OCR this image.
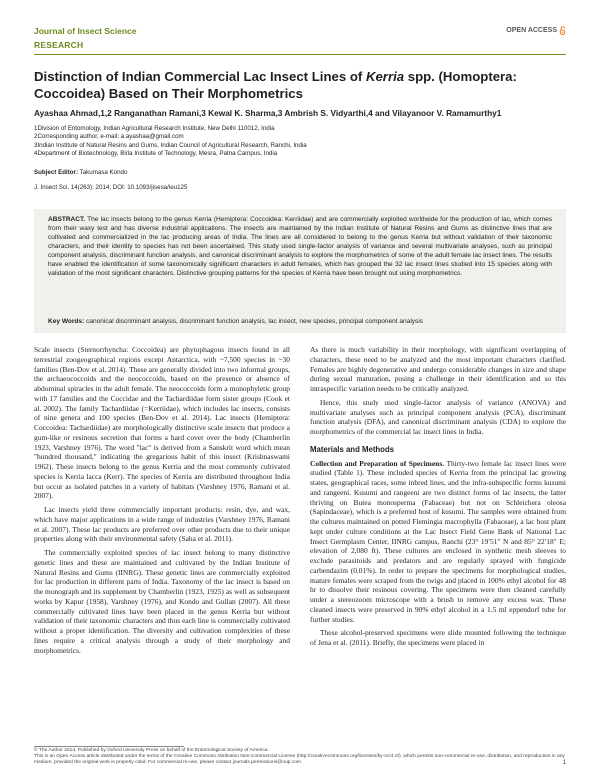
Journal of Insect Science
RESEARCH
OPEN ACCESS
Distinction of Indian Commercial Lac Insect Lines of Kerria spp. (Homoptera: Coccoidea) Based on Their Morphometrics
Ayashaa Ahmad,1,2 Ranganathan Ramani,3 Kewal K. Sharma,3 Ambrish S. Vidyarthi,4 and Vilayanoor V. Ramamurthy1
1Division of Entomology, Indian Agricultural Research Institute, New Delhi 110012, India
2Corresponding author, e-mail: a.ayashaa@gmail.com
3Indian Institute of Natural Resins and Gums, Indian Council of Agricultural Research, Ranchi, India
4Department of Biotechnology, Birla Institute of Technology, Mesra, Patna Campus, India
Subject Editor: Takumasa Kondo
J. Insect Sci. 14(263): 2014; DOI: 10.1093/jisesa/ieu125
ABSTRACT. The lac insects belong to the genus Kerria (Hemiptera: Coccoidea: Kerriidae) and are commercially exploited worldwide for the production of lac, which comes from their waxy test and has diverse industrial applications. The insects are maintained by the Indian Institute of Natural Resins and Gums as distinctive lines that are cultivated and commercialized in the lac producing areas of India. The lines are all considered to belong to the genus Kerria but without validation of their taxonomic characters, and their identity to species has not been ascertained. This study used single-factor analysis of variance and several multivariate analyses, such as principal component analysis, discriminant function analysis, and canonical discriminant analysis to explore the morphometrics of some of the adult female lac insect lines. The results have enabled the identification of some taxonomically significant characters in adult females, which has grouped the 32 lac insect lines studied into 15 species along with validation of the most significant characters. Distinctive grouping patterns for the species of Kerria have been brought out using morphometrics.
Key Words: canonical discriminant analysis, discriminant function analysis, lac insect, new species, principal component analysis

Scale insects (Sternorrhyncha: Coccoidea) are phytophagous insects found in all terrestrial zoogeographical regions except Antarctica, with ~7,500 species in ~30 families (Ben-Dov et al. 2014). These are generally divided into two informal groups, the archaeococcoids and the neococcoids, based on the presence or absence of abdominal spiracles in the adult female. The neococcoids form a monophyletic group with 17 families and the Coccidae and the Tachardiidae form sister groups (Cook et al. 2002). The family Tachardiidae (=Kerriidae), which includes lac insects, consists of nine genera and 100 species (Ben-Dov et al. 2014). Lac insects (Hemiptera: Coccoidea: Tachardiidae) are morphologically distinctive scale insects that produce a gum-like or resinous secretion that forms a hard cover over the body (Chamberlin 1923, Varshney 1976). The word "lac" is derived from a Sanskrit word which mean "hundred thousand," indicating the gregarious habit of this insect (Krishnaswami 1962). These insects belong to the genus Kerria and the most commonly cultivated species is Kerria lacca (Kerr). The species of Kerria are distributed throughout India but occur as isolated patches in a variety of habitats (Varshney 1976, Ramani et al. 2007).

Lac insects yield three commercially important products: resin, dye, and wax, which have major applications in a wide range of industries (Varshney 1976, Ramani et al. 2007). These lac products are preferred over other products due to their unique properties along with their environmental safety (Saha et al. 2011).

The commercially exploited species of lac insect belong to many distinctive genetic lines and these are maintained and cultivated by the Indian Institute of Natural Resins and Gums (IINRG). These genetic lines are commercially exploited for lac production in different parts of India. Taxonomy of the lac insect is based on the monograph and its supplement by Chamberlin (1923, 1925) as well as subsequent works by Kapur (1958), Varshney (1976), and Kondo and Gullan (2007). All these commercially cultivated lines have been placed in the genus Kerria but without validation of their taxonomic characters and thus each line is commercially cultivated without a proper identification. The diversity and cultivation complexities of these lines require a critical analysis through a study of their morphology and morphometrics.

As there is much variability in their morphology, with significant overlapping of characters, these need to be analyzed and the most important characters clarified. Females are highly degenerative and undergo considerable changes in size and shape during sexual maturation, posing a challenge in their identification and so this intraspecific variation needs to be critically analyzed.

Hence, this study used single-factor analysis of variance (ANOVA) and multivariate analyses such as principal component analysis (PCA), discriminant function analysis (DFA), and canonical discriminant analysis (CDA) to explore the morphometrics of the commercial lac insect lines in India.

Materials and Methods

Collection and Preparation of Specimens. Thirty-two female lac insect lines were studied (Table 1). These included species of Kerria from the principal lac growing states, geographical races, some inbred lines, and the infra-subspecific forms kusumi and rangeeni. Kusumi and rangeeni are two distinct forms of lac insects, the latter thriving on Butea monosperma (Fabaceae) but not on Schleichera oleosa (Sapindaceae), which is a preferred host of kusumi. The samples were obtained from the cultures maintained on potted Flemingia macrophylla (Fabaceae), a lac host plant kept under culture conditions at the Lac Insect Field Gene Bank of National Lac Insect Germplasm Center, IINRG campus, Ranchi (23° 19′51″ N and 85° 22′18″ E; elevation of 2,080 ft). These cultures are enclosed in synthetic mesh sleeves to exclude parasitoids and predators and are regularly sprayed with fungicide carbendazim (0.01%). In order to prepare the specimens for morphological studies, mature females were scraped from the twigs and placed in 100% ethyl alcohol for 48 hr to dissolve their resinous covering. The specimens were then cleaned carefully under a stereozoom microscope with a brush to remove any excess wax. These cleaned insects were preserved in 90% ethyl alcohol in a 1.5 ml eppendorf tube for further studies.

These alcohol-preserved specimens were slide mounted following the technique of Jena et al. (2011). Briefly, the specimens were placed in

© The Author 2014. Published by Oxford University Press on behalf of the Entomological Society of America.
This is an Open Access article distributed under the terms of the Creative Commons Attribution Non-Commercial License (http://creativecommons.org/licenses/by-nc/4.0/), which permits non-commercial re-use, distribution, and reproduction in any medium, provided the original work is properly cited. For commercial re-use, please contact journals.permissions@oup.com	1
